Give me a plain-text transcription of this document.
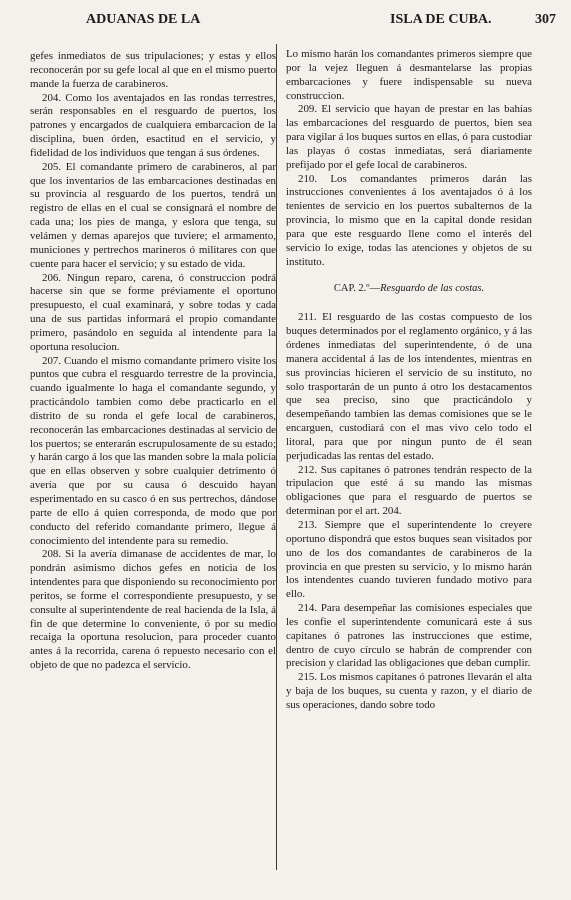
ADUANAS DE LA	ISLA DE CUBA.	307

gefes inmediatos de sus tripulaciones; y estas y ellos reconocerán por su gefe local al que en el mismo puerto mande la fuerza de carabineros.

204. Como los aventajados en las rondas terrestres, serán responsables en el resguardo de puertos, los patrones y encargados de cualquiera embarcacion de la disciplina, buen órden, esactitud en el servicio, y fidelidad de los individuos que tengan á sus órdenes.

205. El comandante primero de carabineros, al par que los inventarios de las embarcaciones destinadas en su provincia al resguardo de los puertos, tendrá un registro de ellas en el cual se consignará el nombre de cada una; los pies de manga, y eslora que tenga, su velámen y demas aparejos que tuviere; el armamento, municiones y pertrechos marineros ó militares con que cuente para hacer el servicio; y su estado de vida.

206. Ningun reparo, carena, ó construccion podrá hacerse sin que se forme préviamente el oportuno presupuesto, el cual examinará, y sobre todas y cada una de sus partidas informará el propio comandante primero, pasándolo en seguida al intendente para la oportuna resolucion.

207. Cuando el mismo comandante primero visite los puntos que cubra el resguardo terrestre de la provincia, cuando igualmente lo haga el comandante segundo, y practicándolo tambien como debe practicarlo en el distrito de su ronda el gefe local de carabineros, reconocerán las embarcaciones destinadas al servicio de los puertos; se enterarán escrupulosamente de su estado; y harán cargo á los que las manden sobre la mala policía que en ellas observen y sobre cualquier detrimento ó avería que por su causa ó descuido hayan esperimentado en su casco ó en sus pertrechos, dándose parte de ello á quien corresponda, de modo que por conducto del referido comandante primero, llegue á conocimiento del intendente para su remedio.

208. Si la avería dimanase de accidentes de mar, lo pondrán asimismo dichos gefes en noticia de los intendentes para que disponiendo su reconocimiento por peritos, se forme el correspondiente presupuesto, y se consulte al superintendente de real hacienda de la Isla, á fin de que determine lo conveniente, ó por su medio recaiga la oportuna resolucion, para proceder cuanto antes á la recorrida, carena ó repuesto necesario con el objeto de que no padezca el servicio.

Lo mismo harán los comandantes primeros siempre que por la vejez lleguen á desmantelarse las propias embarcaciones y fuere indispensable su nueva construccion.

209. El servicio que hayan de prestar en las bahías las embarcaciones del resguardo de puertos, bien sea para vigilar á los buques surtos en ellas, ó para custodiar las playas ó costas inmediatas, será diariamente prefijado por el gefe local de carabineros.

210. Los comandantes primeros darán las instrucciones convenientes á los aventajados ó á los tenientes de servicio en los puertos subalternos de la provincia, lo mismo que en la capital donde residan para que este resguardo llene como el interés del servicio lo exige, todas las atenciones y objetos de su instituto.

CAP. 2.º—Resguardo de las costas.

211. El resguardo de las costas compuesto de los buques determinados por el reglamento orgánico, y á las órdenes inmediatas del superintendente, ó de una manera accidental á las de los intendentes, mientras en sus provincias hicieren el servicio de su instituto, no solo trasportarán de un punto á otro los destacamentos que sea preciso, sino que practicándolo y desempeñando tambien las demas comisiones que se le encarguen, custodiará con el mas vivo celo todo el litoral, para que por ningun punto de él sean perjudicadas las rentas del estado.

212. Sus capitanes ó patrones tendrán respecto de la tripulacion que esté á su mando las mismas obligaciones que para el resguardo de puertos se determinan por el art. 204.

213. Siempre que el superintendente lo creyere oportuno dispondrá que estos buques sean visitados por uno de los dos comandantes de carabineros de la provincia en que presten su servicio, y lo mismo harán los intendentes cuando tuvieren fundado motivo para ello.

214. Para desempeñar las comisiones especiales que les confie el superintendente comunicará este á sus capitanes ó patrones las instrucciones que estime, dentro de cuyo círculo se habrán de comprender con precision y claridad las obligaciones que deban cumplir.

215. Los mismos capitanes ó patrones llevarán el alta y baja de los buques, su cuenta y razon, y el diario de sus operaciones, dando sobre todo
